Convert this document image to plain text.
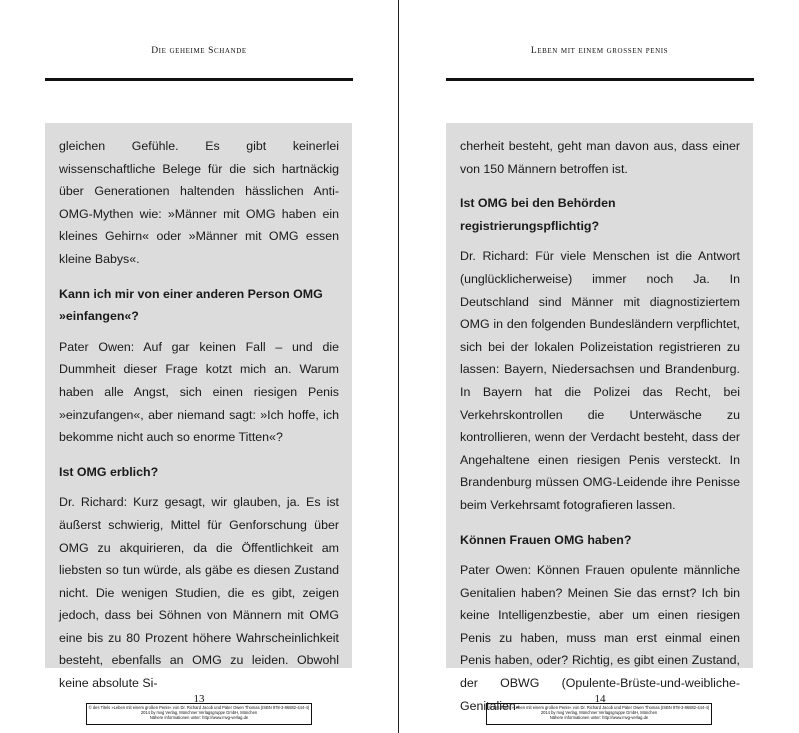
Die geheime Schande

gleichen Gefühle. Es gibt keinerlei wissenschaftliche Belege für die sich hartnäckig über Generationen haltenden hässlichen Anti-OMG-Mythen wie: »Männer mit OMG haben ein kleines Gehirn« oder »Männer mit OMG essen kleine Babys«.

Kann ich mir von einer anderen Person OMG »einfangen«?

Pater Owen: Auf gar keinen Fall – und die Dummheit dieser Frage kotzt mich an. Warum haben alle Angst, sich einen riesigen Penis »einzufangen«, aber niemand sagt: »Ich hoffe, ich bekomme nicht auch so enorme Titten«?

Ist OMG erblich?

Dr. Richard: Kurz gesagt, wir glauben, ja. Es ist äußerst schwierig, Mittel für Genforschung über OMG zu akquirieren, da die Öffentlichkeit am liebsten so tun würde, als gäbe es diesen Zustand nicht. Die wenigen Studien, die es gibt, zeigen jedoch, dass bei Söhnen von Männern mit OMG eine bis zu 80 Prozent höhere Wahrscheinlichkeit besteht, ebenfalls an OMG zu leiden. Obwohl keine absolute Si-

13
© des Titels »Leben mit einem großen Penis« von Dr. Richard Jacob und Pater Owen Thomas (ISBN 978-3-86882-444-4)
2014 by mvg Verlag, Münchner Verlagsgruppe GmbH, München
Nähere Informationen unter: http://www.mvg-verlag.de
Leben mit einem grossen penis

cherheit besteht, geht man davon aus, dass einer von 150 Männern betroffen ist.

Ist OMG bei den Behörden registrierungspflichtig?

Dr. Richard: Für viele Menschen ist die Antwort (unglücklicherweise) immer noch Ja. In Deutschland sind Männer mit diagnostiziertem OMG in den folgenden Bundesländern verpflichtet, sich bei der lokalen Polizeistation registrieren zu lassen: Bayern, Niedersachsen und Brandenburg. In Bayern hat die Polizei das Recht, bei Verkehrskontrollen die Unterwäsche zu kontrollieren, wenn der Verdacht besteht, dass der Angehaltene einen riesigen Penis versteckt. In Brandenburg müssen OMG-Leidende ihre Penisse beim Verkehrsamt fotografieren lassen.

Können Frauen OMG haben?

Pater Owen: Können Frauen opulente männliche Genitalien haben? Meinen Sie das ernst? Ich bin keine Intelligenzbestie, aber um einen riesigen Penis zu haben, muss man erst einmal einen Penis haben, oder? Richtig, es gibt einen Zustand, der OBWG (Opulente-Brüste-und-weibliche-Genitalien-	14
© des Titels »Leben mit einem großen Penis« von Dr. Richard Jacob und Pater Owen Thomas (ISBN 978-3-86882-444-4)
2014 by mvg Verlag, Münchner Verlagsgruppe GmbH, München
Nähere Informationen unter: http://www.mvg-verlag.de
